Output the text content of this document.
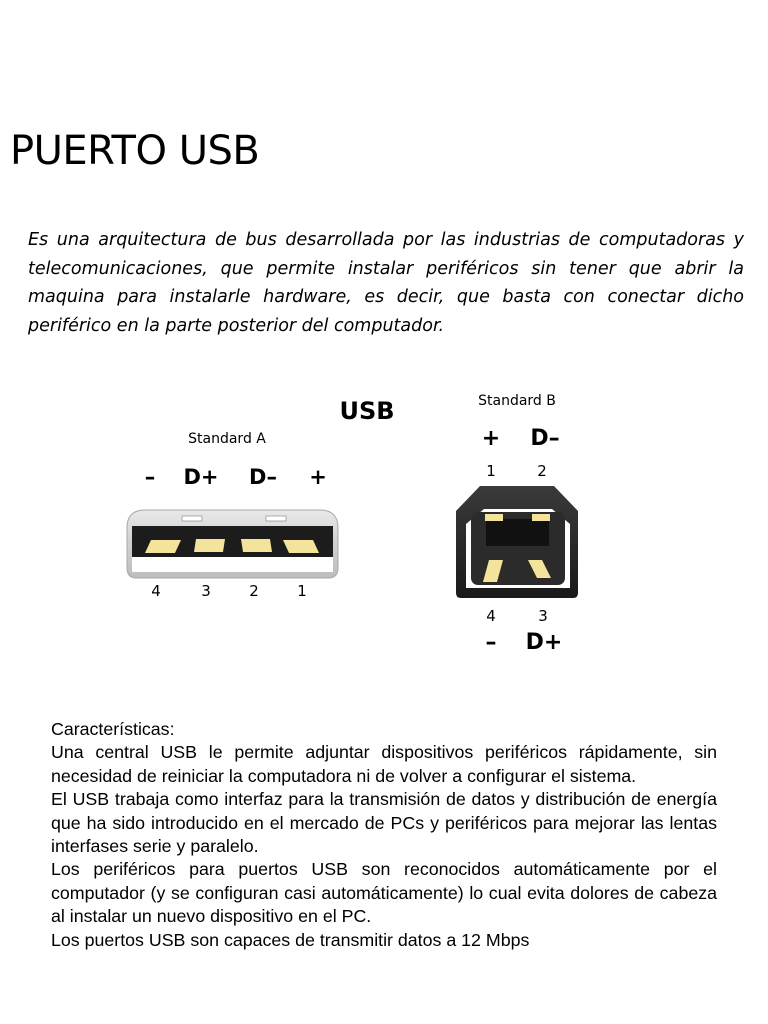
PUERTO USB

Es una arquitectura de bus desarrollada por las industrias de computadoras y telecomunicaciones, que permite instalar periféricos sin tener que abrir la maquina para instalarle hardware, es decir, que basta con conectar dicho periférico en la parte posterior del computador.

USB
Standard A
– D+ D– +
4	3	2	1
Standard B
+ D–
1	2
4	3
– D+

Características:

Una central USB le permite adjuntar dispositivos periféricos rápidamente, sin necesidad de reiniciar la computadora ni de volver a configurar el sistema.

El USB trabaja como interfaz para la transmisión de datos y distribución de energía que ha sido introducido en el mercado de PCs y periféricos para mejorar las lentas interfases serie y paralelo.

Los periféricos para puertos USB son reconocidos automáticamente por el computador (y se configuran casi automáticamente) lo cual evita dolores de cabeza al instalar un nuevo dispositivo en el PC.

Los puertos USB son capaces de transmitir datos a 12 Mbps
